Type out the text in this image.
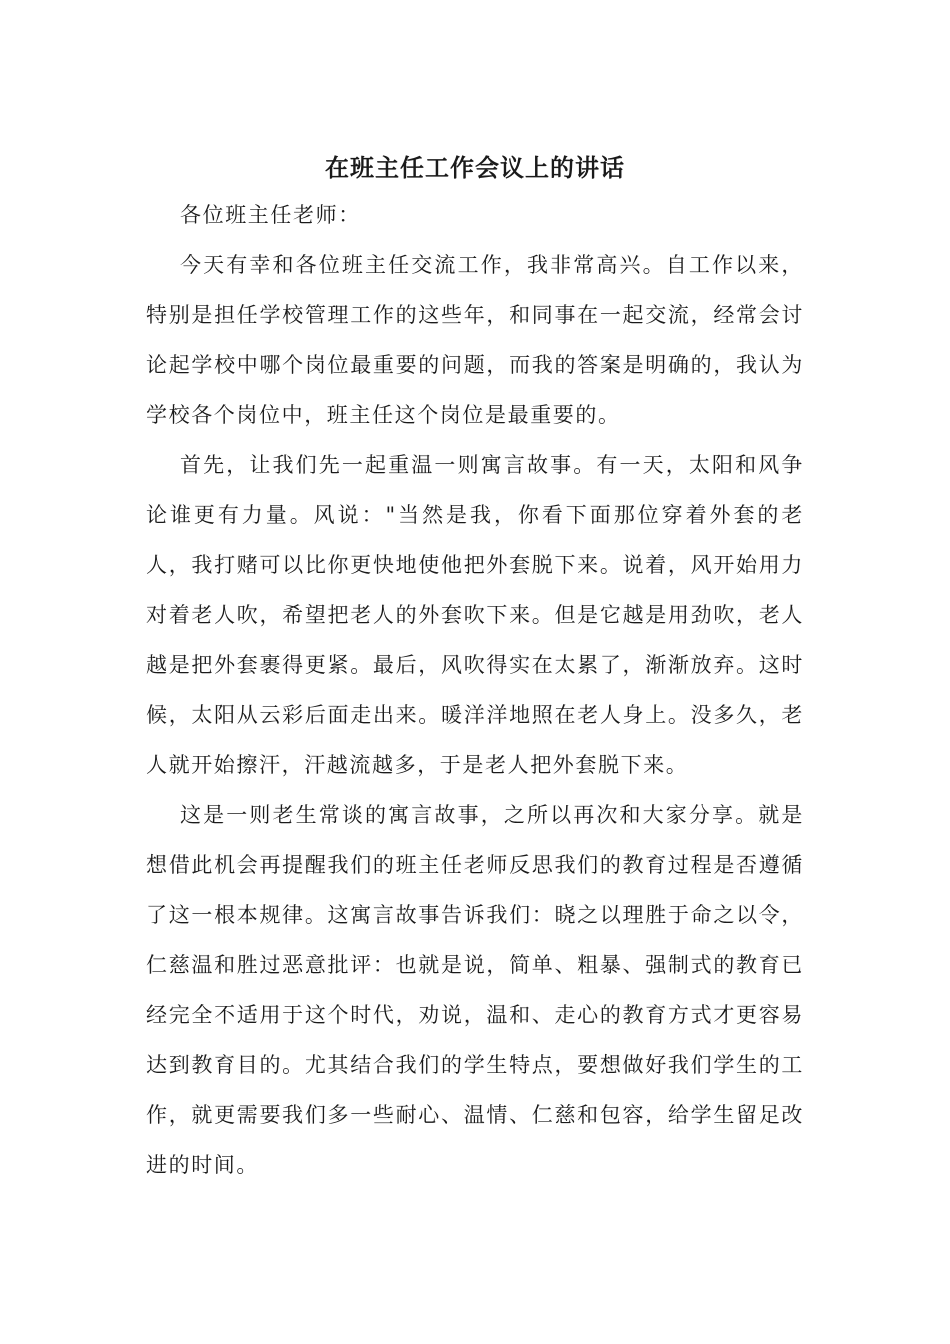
在班主任工作会议上的讲话

各位班主任老师：

今天有幸和各位班主任交流工作，我非常高兴。自工作以来，特别是担任学校管理工作的这些年，和同事在一起交流，经常会讨论起学校中哪个岗位最重要的问题，而我的答案是明确的，我认为学校各个岗位中，班主任这个岗位是最重要的。

首先，让我们先一起重温一则寓言故事。有一天，太阳和风争论谁更有力量。风说："当然是我，你看下面那位穿着外套的老人，我打赌可以比你更快地使他把外套脱下来。说着，风开始用力对着老人吹，希望把老人的外套吹下来。但是它越是用劲吹，老人越是把外套裹得更紧。最后，风吹得实在太累了，渐渐放弃。这时候，太阳从云彩后面走出来。暖洋洋地照在老人身上。没多久，老人就开始擦汗，汗越流越多，于是老人把外套脱下来。

这是一则老生常谈的寓言故事，之所以再次和大家分享。就是想借此机会再提醒我们的班主任老师反思我们的教育过程是否遵循了这一根本规律。这寓言故事告诉我们：晓之以理胜于命之以令，仁慈温和胜过恶意批评：也就是说，简单、粗暴、强制式的教育已经完全不适用于这个时代，劝说，温和、走心的教育方式才更容易达到教育目的。尤其结合我们的学生特点，要想做好我们学生的工作，就更需要我们多一些耐心、温情、仁慈和包容，给学生留足改进的时间。
